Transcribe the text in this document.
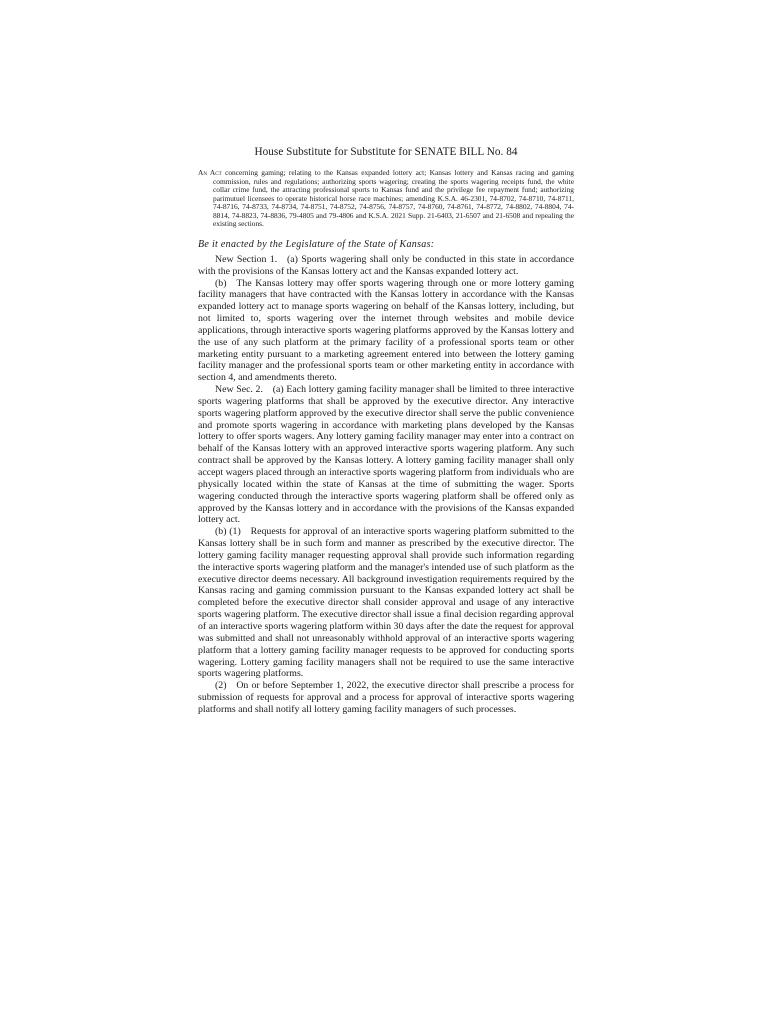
House Substitute for Substitute for SENATE BILL No. 84
An Act concerning gaming; relating to the Kansas expanded lottery act; Kansas lottery and Kansas racing and gaming commission, rules and regulations; authorizing sports wagering; creating the sports wagering receipts fund, the white collar crime fund, the attracting professional sports to Kansas fund and the privilege fee repayment fund; authorizing parimutuel licensees to operate historical horse race machines; amending K.S.A. 46-2301, 74-8702, 74-8710, 74-8711, 74-8716, 74-8733, 74-8734, 74-8751, 74-8752, 74-8756, 74-8757, 74-8760, 74-8761, 74-8772, 74-8802, 74-8804, 74-8814, 74-8823, 74-8836, 79-4805 and 79-4806 and K.S.A. 2021 Supp. 21-6403, 21-6507 and 21-6508 and repealing the existing sections.
Be it enacted by the Legislature of the State of Kansas:

New Section 1. (a) Sports wagering shall only be conducted in this state in accordance with the provisions of the Kansas lottery act and the Kansas expanded lottery act.

(b) The Kansas lottery may offer sports wagering through one or more lottery gaming facility managers that have contracted with the Kansas lottery in accordance with the Kansas expanded lottery act to manage sports wagering on behalf of the Kansas lottery, including, but not limited to, sports wagering over the internet through websites and mobile device applications, through interactive sports wagering platforms approved by the Kansas lottery and the use of any such platform at the primary facility of a professional sports team or other marketing entity pursuant to a marketing agreement entered into between the lottery gaming facility manager and the professional sports team or other marketing entity in accordance with section 4, and amendments thereto.

New Sec. 2. (a) Each lottery gaming facility manager shall be limited to three interactive sports wagering platforms that shall be approved by the executive director. Any interactive sports wagering platform approved by the executive director shall serve the public convenience and promote sports wagering in accordance with marketing plans developed by the Kansas lottery to offer sports wagers. Any lottery gaming facility manager may enter into a contract on behalf of the Kansas lottery with an approved interactive sports wagering platform. Any such contract shall be approved by the Kansas lottery. A lottery gaming facility manager shall only accept wagers placed through an interactive sports wagering platform from individuals who are physically located within the state of Kansas at the time of submitting the wager. Sports wagering conducted through the interactive sports wagering platform shall be offered only as approved by the Kansas lottery and in accordance with the provisions of the Kansas expanded lottery act.

(b) (1) Requests for approval of an interactive sports wagering platform submitted to the Kansas lottery shall be in such form and manner as prescribed by the executive director. The lottery gaming facility manager requesting approval shall provide such information regarding the interactive sports wagering platform and the manager's intended use of such platform as the executive director deems necessary. All background investigation requirements required by the Kansas racing and gaming commission pursuant to the Kansas expanded lottery act shall be completed before the executive director shall consider approval and usage of any interactive sports wagering platform. The executive director shall issue a final decision regarding approval of an interactive sports wagering platform within 30 days after the date the request for approval was submitted and shall not unreasonably withhold approval of an interactive sports wagering platform that a lottery gaming facility manager requests to be approved for conducting sports wagering. Lottery gaming facility managers shall not be required to use the same interactive sports wagering platforms.

(2) On or before September 1, 2022, the executive director shall prescribe a process for submission of requests for approval and a process for approval of interactive sports wagering platforms and shall notify all lottery gaming facility managers of such processes.
